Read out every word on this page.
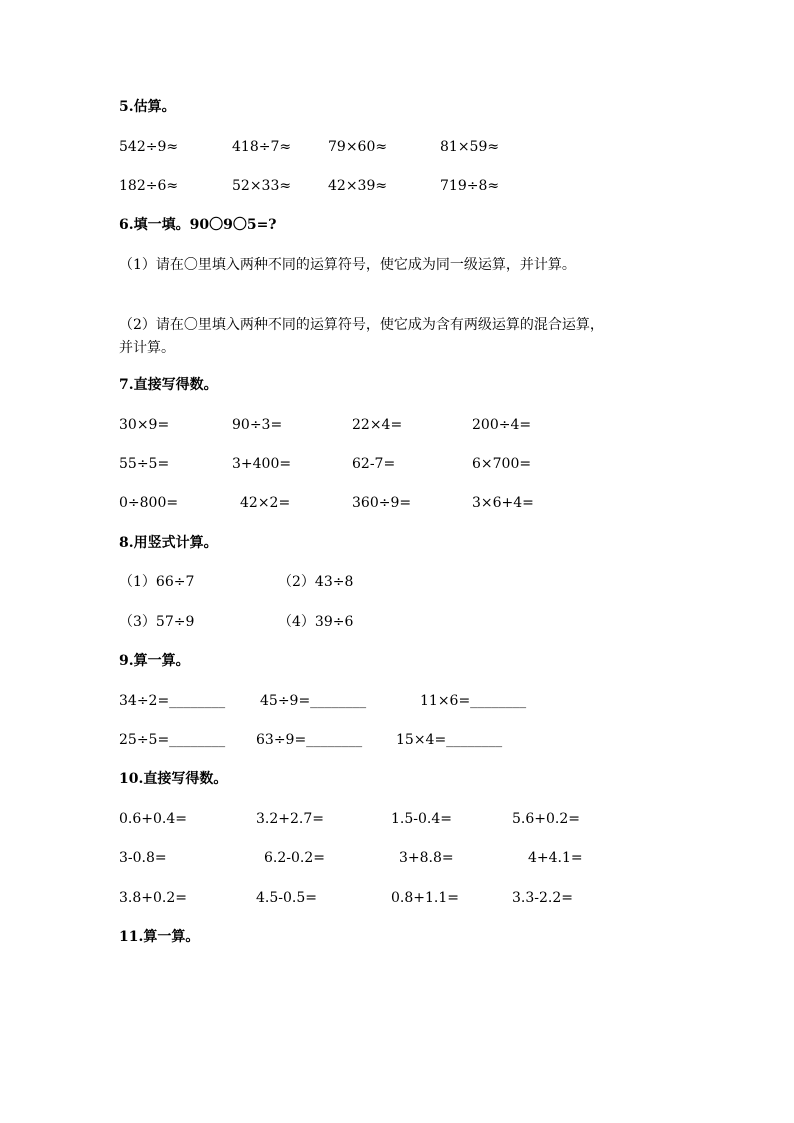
5.估算。
542÷9≈	418÷7≈	79×60≈	81×59≈
182÷6≈	52×33≈	42×39≈	719÷8≈
6.填一填。90〇9〇5=?
（1）请在〇里填入两种不同的运算符号，使它成为同一级运算，并计算。
（2）请在〇里填入两种不同的运算符号，使它成为含有两级运算的混合运算，
并计算。
7.直接写得数。
30×9=	90÷3=	22×4=	200÷4=
55÷5=	3+400=	62-7=	6×700=
0÷800=	42×2=	360÷9=	3×6+4=
8.用竖式计算。
（1）66÷7	（2）43÷8
（3）57÷9	（4）39÷6
9.算一算。
34÷2=________ 45÷9=________	11×6=________
25÷5=________ 63÷9=________ 15×4=________
10.直接写得数。
0.6+0.4=	3.2+2.7=	1.5-0.4=	5.6+0.2=
3-0.8=	6.2-0.2=	3+8.8=	4+4.1=
3.8+0.2=	4.5-0.5=	0.8+1.1=	3.3-2.2=
11.算一算。
